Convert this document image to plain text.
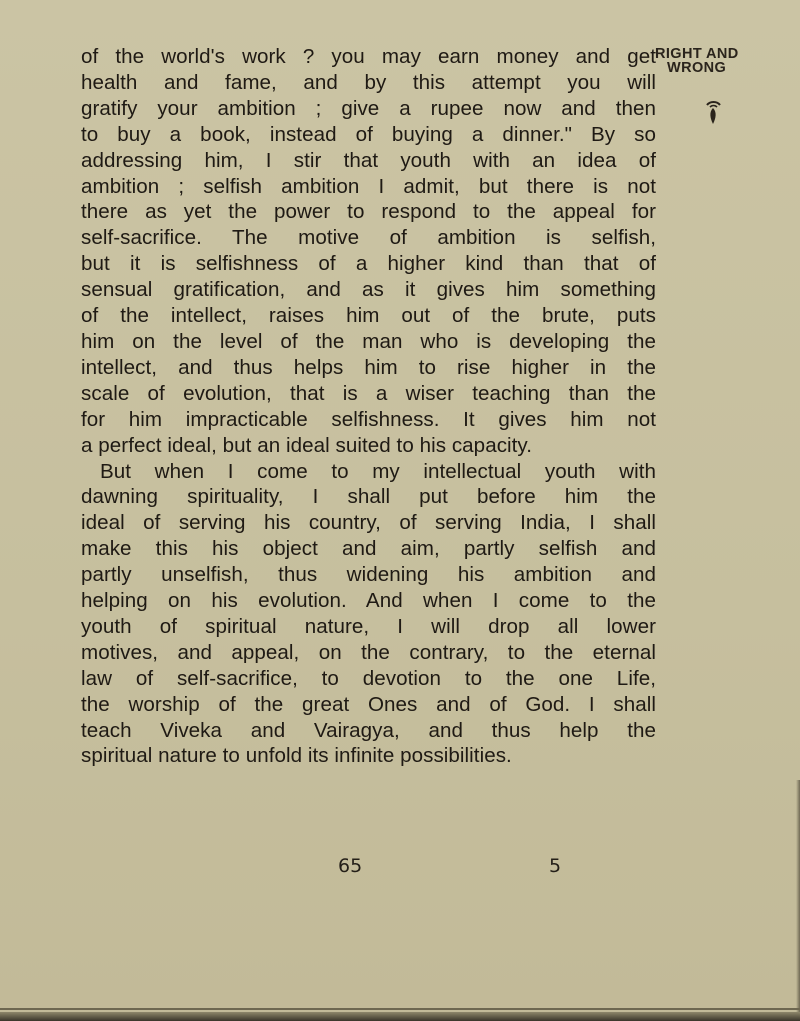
of the world's work ? you may earn money and get
health and fame, and by this attempt you will
gratify your ambition ; give a rupee now and then
to buy a book, instead of buying a dinner." By so
addressing him, I stir that youth with an idea of
ambition ; selfish ambition I admit, but there is not
there as yet the power to respond to the appeal for
self-sacrifice. The motive of ambition is selfish,
but it is selfishness of a higher kind than that of
sensual gratification, and as it gives him something
of the intellect, raises him out of the brute, puts
him on the level of the man who is developing the
intellect, and thus helps him to rise higher in the
scale of evolution, that is a wiser teaching than the
for him impracticable selfishness. It gives him not
a perfect ideal, but an ideal suited to his capacity.
But when I come to my intellectual youth with
dawning spirituality, I shall put before him the
ideal of serving his country, of serving India, I shall
make this his object and aim, partly selfish and
partly unselfish, thus widening his ambition and
helping on his evolution. And when I come to the
youth of spiritual nature, I will drop all lower
motives, and appeal, on the contrary, to the eternal
law of self-sacrifice, to devotion to the one Life,
the worship of the great Ones and of God. I shall
teach Viveka and Vairagya, and thus help the
spiritual nature to unfold its infinite possibilities.
RIGHT AND
WRONG
65	5
